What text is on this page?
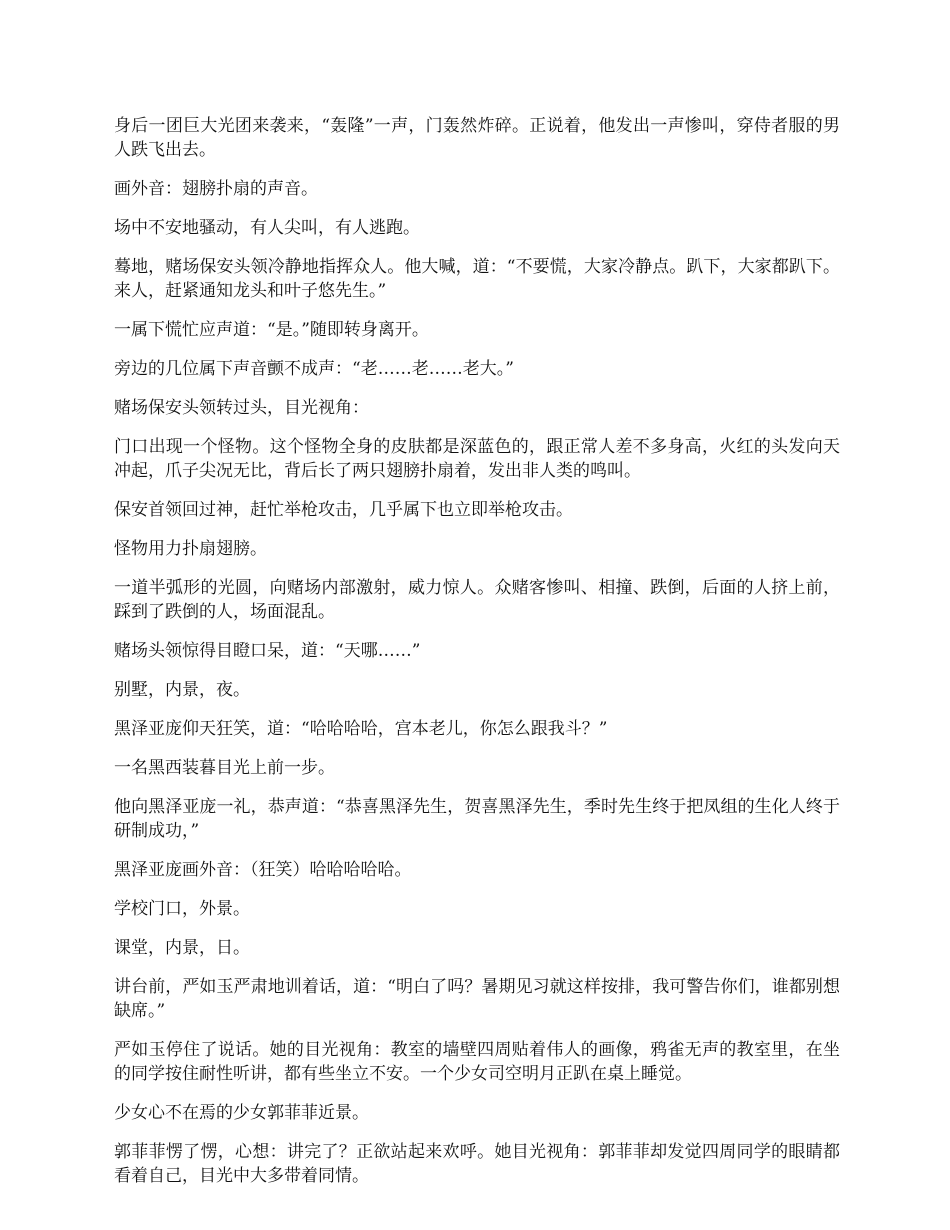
身后一团巨大光团来袭来，“轰隆”一声，门轰然炸碎。正说着，他发出一声惨叫，穿侍者服的男人跌飞出去。

画外音：翅膀扑扇的声音。

场中不安地骚动，有人尖叫，有人逃跑。

蓦地，赌场保安头领冷静地指挥众人。他大喊，道：“不要慌，大家冷静点。趴下，大家都趴下。来人，赶紧通知龙头和叶子悠先生。”

一属下慌忙应声道：“是。”随即转身离开。

旁边的几位属下声音颤不成声：“老……老……老大。”

赌场保安头领转过头，目光视角：

门口出现一个怪物。这个怪物全身的皮肤都是深蓝色的，跟正常人差不多身高，火红的头发向天冲起，爪子尖况无比，背后长了两只翅膀扑扇着，发出非人类的鸣叫。

保安首领回过神，赶忙举枪攻击，几乎属下也立即举枪攻击。

怪物用力扑扇翅膀。

一道半弧形的光圆，向赌场内部激射，威力惊人。众赌客惨叫、相撞、跌倒，后面的人挤上前，踩到了跌倒的人，场面混乱。

赌场头领惊得目瞪口呆，道：“天哪……”

别墅，内景，夜。

黑泽亚庞仰天狂笑，道：“哈哈哈哈，宫本老儿，你怎么跟我斗？”

一名黑西装暮目光上前一步。

他向黑泽亚庞一礼，恭声道：“恭喜黑泽先生，贺喜黑泽先生，季时先生终于把凤组的生化人终于研制成功，”

黑泽亚庞画外音：（狂笑）哈哈哈哈哈。

学校门口，外景。

课堂，内景，日。

讲台前，严如玉严肃地训着话，道：“明白了吗？暑期见习就这样按排，我可警告你们，谁都别想缺席。”

严如玉停住了说话。她的目光视角：教室的墙壁四周贴着伟人的画像，鸦雀无声的教室里，在坐的同学按住耐性听讲，都有些坐立不安。一个少女司空明月正趴在桌上睡觉。

少女心不在焉的少女郭菲菲近景。

郭菲菲愣了愣，心想：讲完了？正欲站起来欢呼。她目光视角：郭菲菲却发觉四周同学的眼睛都看着自己，目光中大多带着同情。
